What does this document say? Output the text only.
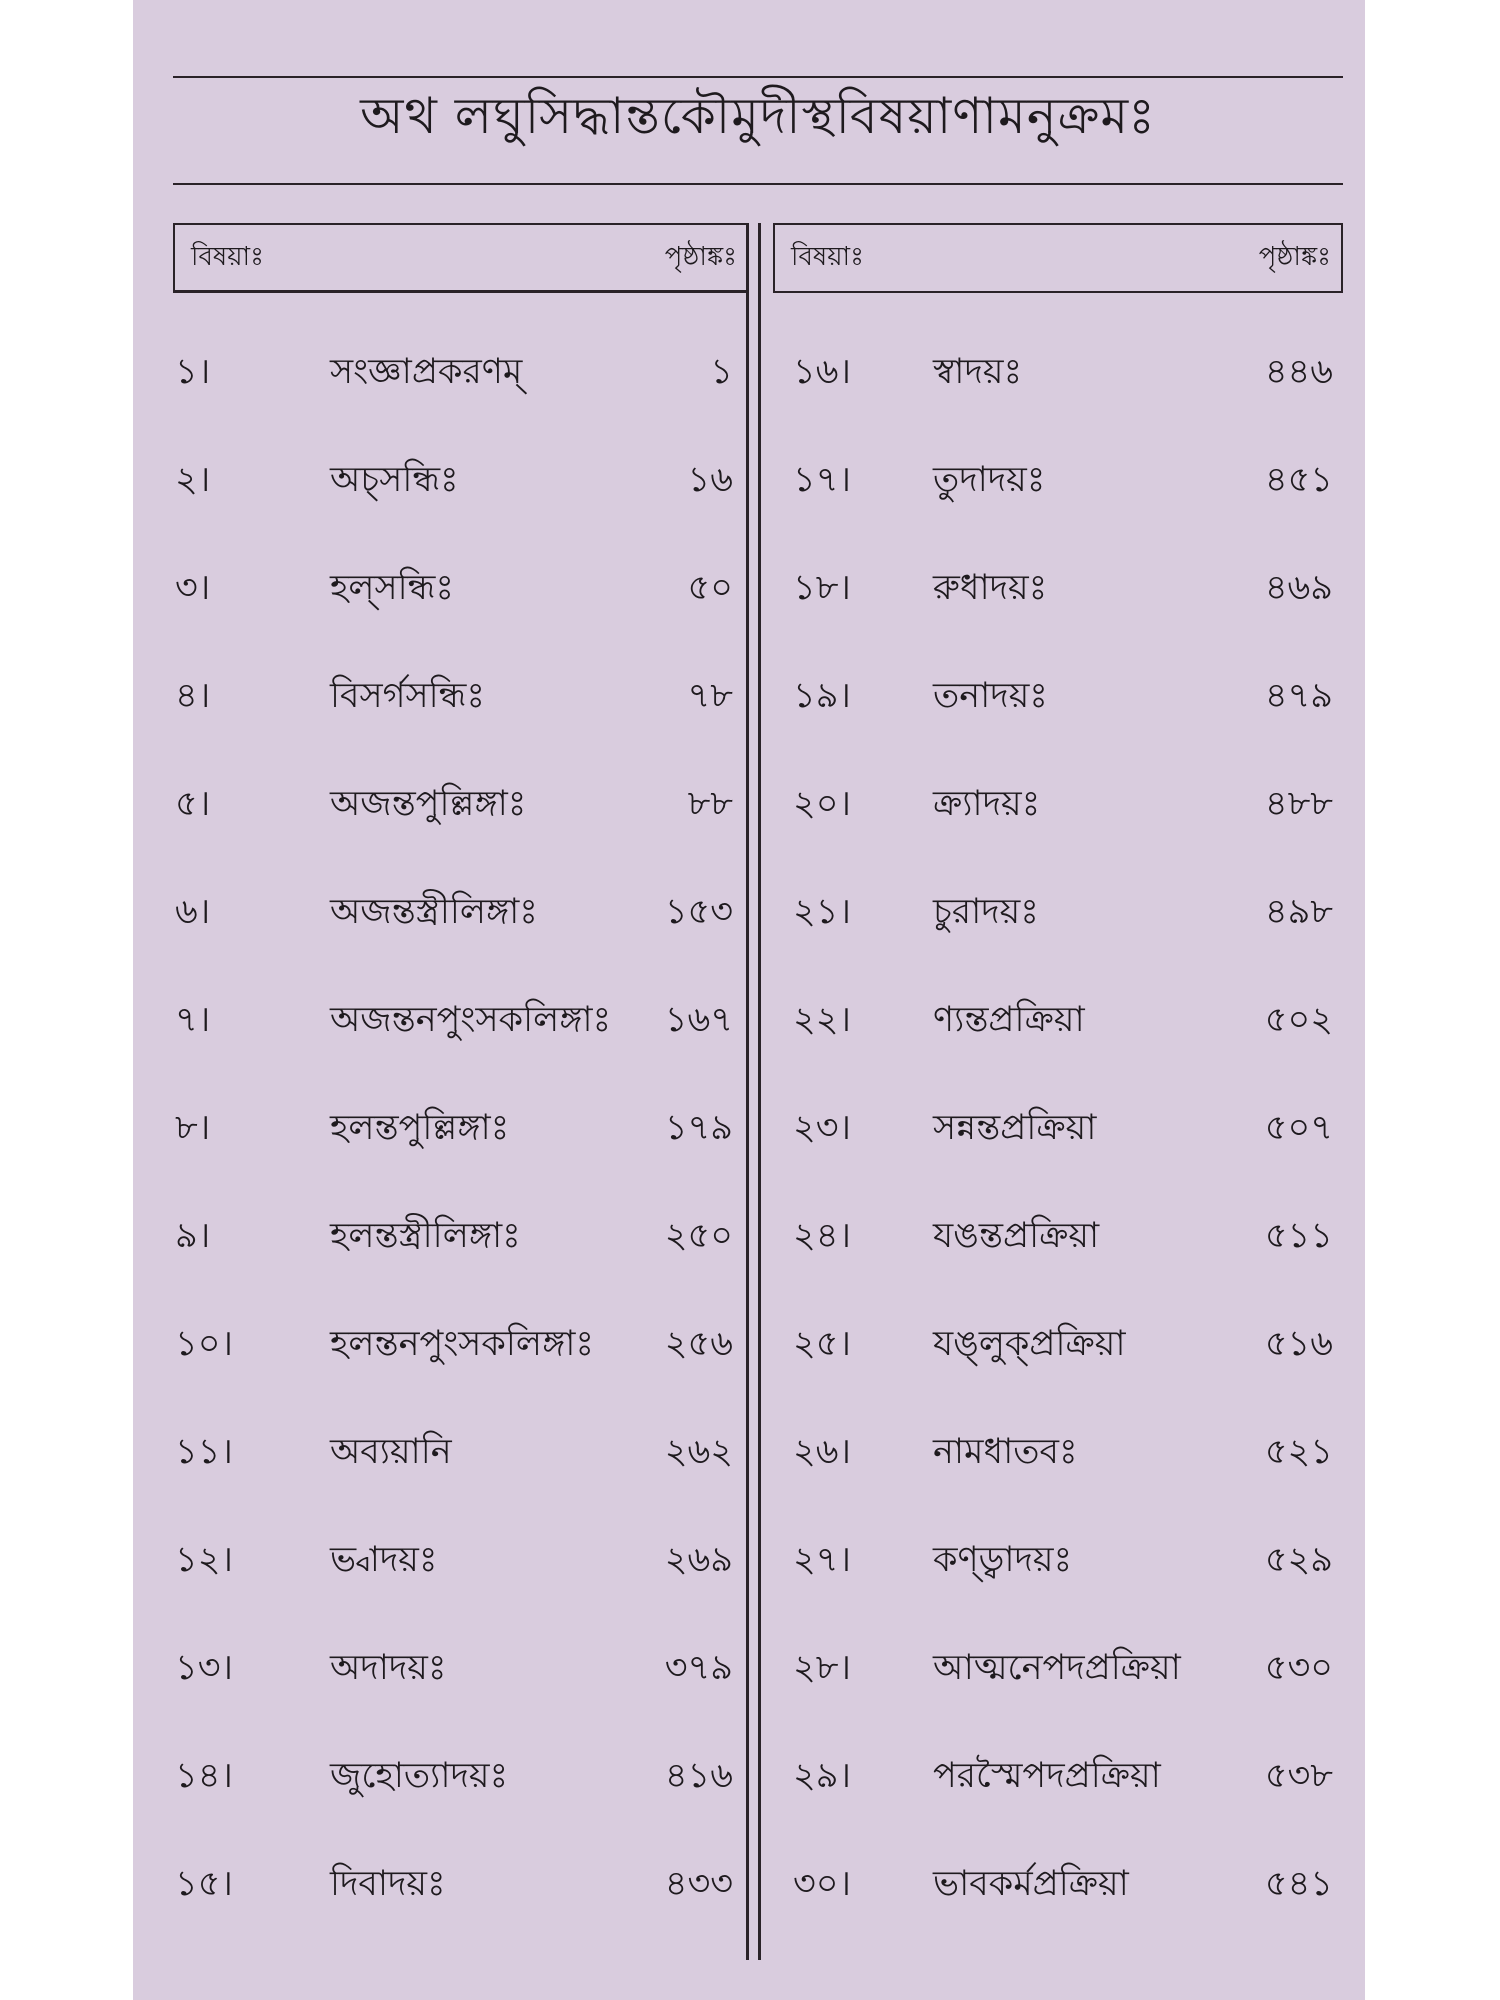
অথ লঘুসিদ্ধান্তকৌমুদীস্থবিষয়াণামনুক্রমঃ
বিষয়াঃ	পৃষ্ঠাঙ্কঃ বিষয়াঃ	পৃষ্ঠাঙ্কঃ
১।	সংজ্ঞাপ্রকরণম্	১
২।	অচ্সন্ধিঃ	১৬
৩।	হল্সন্ধিঃ	৫০
৪।	বিসর্গসন্ধিঃ	৭৮
৫।	অজন্তপুল্লিঙ্গাঃ	৮৮
৬।	অজন্তস্ত্রীলিঙ্গাঃ	১৫৩
৭।	অজন্তনপুংসকলিঙ্গাঃ	১৬৭
৮।	হলন্তপুল্লিঙ্গাঃ	১৭৯
৯।	হলন্তস্ত্রীলিঙ্গাঃ	২৫০
১০।	হলন্তনপুংসকলিঙ্গাঃ	২৫৬
১১।	অব্যয়ানি	২৬২
১২।	ভ্বাদয়ঃ	২৬৯
১৩।	অদাদয়ঃ	৩৭৯
১৪।	জুহোত্যাদয়ঃ	৪১৬
১৫।	দিবাদয়ঃ	৪৩৩
১৬।	স্বাদয়ঃ	৪৪৬
১৭।	তুদাদয়ঃ	৪৫১
১৮।	রুধাদয়ঃ	৪৬৯
১৯।	তনাদয়ঃ	৪৭৯
২০।	ক্র্যাদয়ঃ	৪৮৮
২১।	চুরাদয়ঃ	৪৯৮
২২।	ণ্যন্তপ্রক্রিয়া	৫০২
২৩।	সন্নন্তপ্রক্রিয়া	৫০৭
২৪।	যঙন্তপ্রক্রিয়া	৫১১
২৫।	যঙ্লুক্প্রক্রিয়া	৫১৬
২৬।	নামধাতবঃ	৫২১
২৭।	কণ্ড্বাদয়ঃ	৫২৯
২৮।	আত্মনেপদপ্রক্রিয়া	৫৩০
২৯।	পরস্মৈপদপ্রক্রিয়া	৫৩৮
৩০।	ভাবকর্মপ্রক্রিয়া	৫৪১
